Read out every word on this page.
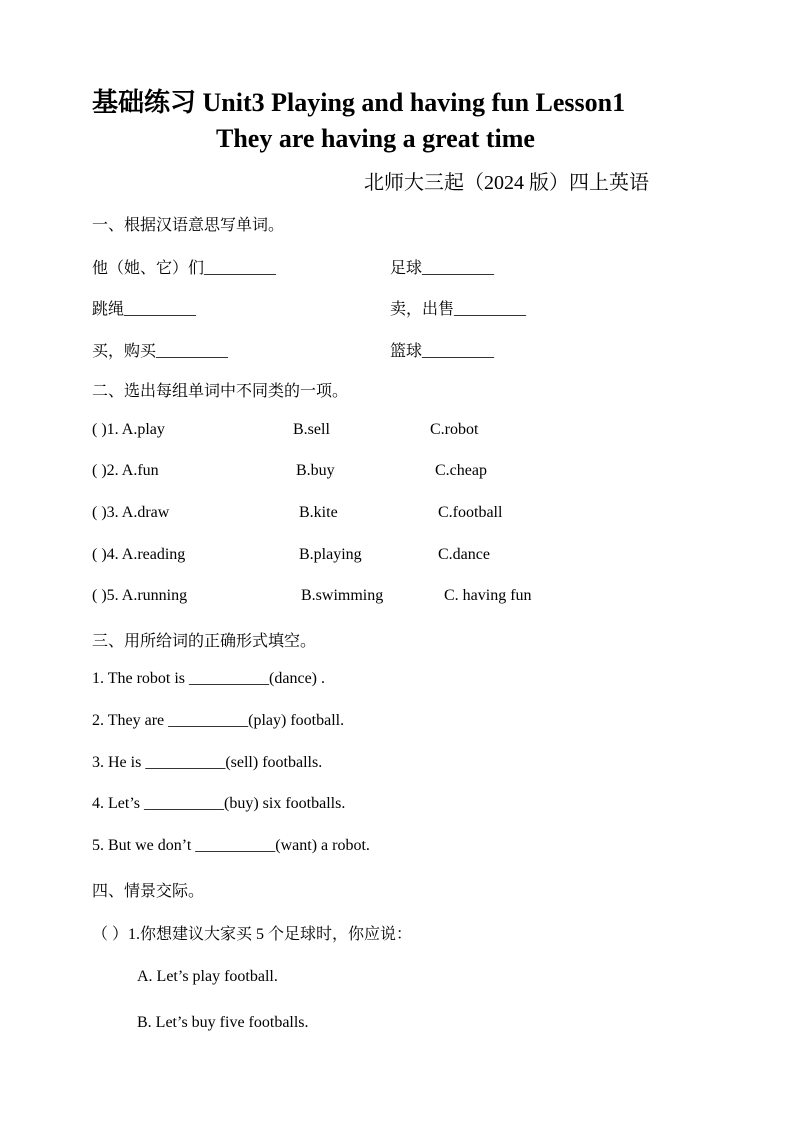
基础练习 Unit3 Playing and having fun Lesson1
They are having a great time
北师大三起（2024 版）四上英语
一、根据汉语意思写单词。
他（她、它）们_________	足球_________
跳绳_________	卖，出售_________
买，购买_________	篮球_________
二、选出每组单词中不同类的一项。
( )1. A.play	B.sell	C.robot
( )2. A.fun	B.buy	C.cheap
( )3. A.draw	B.kite	C.football
( )4. A.reading	B.playing	C.dance
( )5. A.running	B.swimming	C. having fun
三、用所给词的正确形式填空。
1. The robot is __________(dance) .
2. They are __________(play) football.
3. He is __________(sell) footballs.
4. Let’s __________(buy) six footballs.
5. But we don’t __________(want) a robot.
四、情景交际。
（ ）1.你想建议大家买 5 个足球时，你应说：
A. Let’s play football.
B. Let’s buy five footballs.
